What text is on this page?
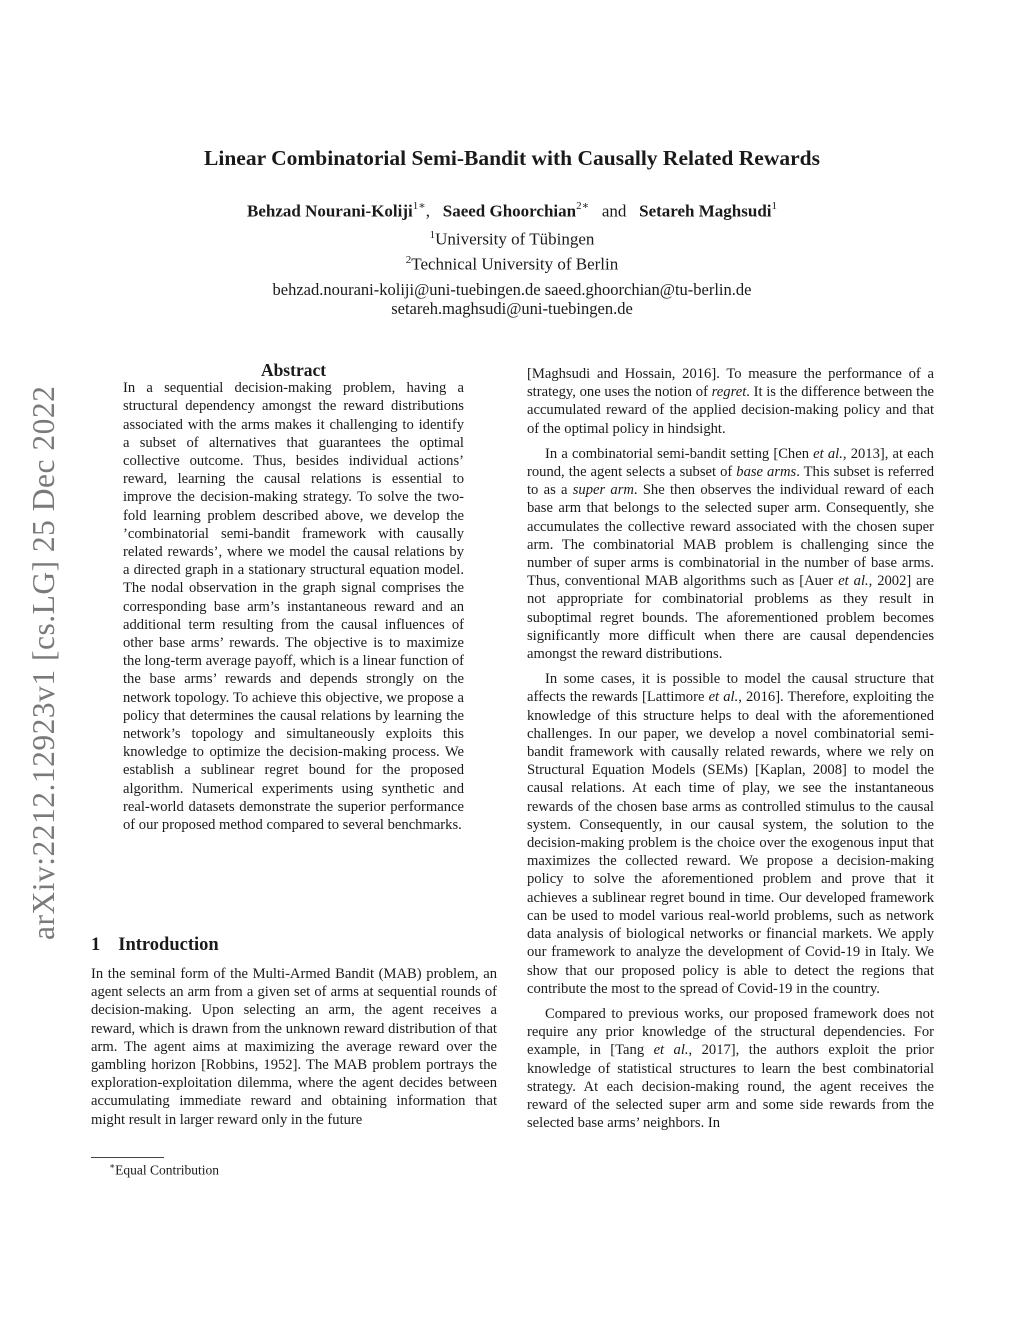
Linear Combinatorial Semi-Bandit with Causally Related Rewards
Behzad Nourani-Koliji$^{1∗}$, Saeed Ghoorchian$^{2∗}$ and Setareh Maghsudi$^1$
$^1$University of Tübingen
$^2$Technical University of Berlin
behzad.nourani-koliji@uni-tuebingen.de saeed.ghoorchian@tu-berlin.de
setareh.maghsudi@uni-tuebingen.de
arXiv:2212.12923v1 [cs.LG] 25 Dec 2022

Abstract

In a sequential decision-making problem, having a structural dependency amongst the reward distributions associated with the arms makes it challenging to identify a subset of alternatives that guarantees the optimal collective outcome. Thus, besides individual actions’ reward, learning the causal relations is essential to improve the decision-making strategy. To solve the two-fold learning problem described above, we develop the ’combinatorial semi-bandit framework with causally related rewards’, where we model the causal relations by a directed graph in a stationary structural equation model. The nodal observation in the graph signal comprises the corresponding base arm’s instantaneous reward and an additional term resulting from the causal influences of other base arms’ rewards. The objective is to maximize the long-term average payoff, which is a linear function of the base arms’ rewards and depends strongly on the network topology. To achieve this objective, we propose a policy that determines the causal relations by learning the network’s topology and simultaneously exploits this knowledge to optimize the decision-making process. We establish a sublinear regret bound for the proposed algorithm. Numerical experiments using synthetic and real-world datasets demonstrate the superior performance of our proposed method compared to several benchmarks.

1 Introduction

In the seminal form of the Multi-Armed Bandit (MAB) problem, an agent selects an arm from a given set of arms at sequential rounds of decision-making. Upon selecting an arm, the agent receives a reward, which is drawn from the unknown reward distribution of that arm. The agent aims at maximizing the average reward over the gambling horizon [Robbins, 1952]. The MAB problem portrays the exploration-exploitation dilemma, where the agent decides between accumulating immediate reward and obtaining information that might result in larger reward only in the future

∗Equal Contribution

[Maghsudi and Hossain, 2016]. To measure the performance of a strategy, one uses the notion of regret. It is the difference between the accumulated reward of the applied decision-making policy and that of the optimal policy in hindsight.

In a combinatorial semi-bandit setting [Chen et al., 2013], at each round, the agent selects a subset of base arms. This subset is referred to as a super arm. She then observes the individual reward of each base arm that belongs to the selected super arm. Consequently, she accumulates the collective reward associated with the chosen super arm. The combinatorial MAB problem is challenging since the number of super arms is combinatorial in the number of base arms. Thus, conventional MAB algorithms such as [Auer et al., 2002] are not appropriate for combinatorial problems as they result in suboptimal regret bounds. The aforementioned problem becomes significantly more difficult when there are causal dependencies amongst the reward distributions.

In some cases, it is possible to model the causal structure that affects the rewards [Lattimore et al., 2016]. Therefore, exploiting the knowledge of this structure helps to deal with the aforementioned challenges. In our paper, we develop a novel combinatorial semi-bandit framework with causally related rewards, where we rely on Structural Equation Models (SEMs) [Kaplan, 2008] to model the causal relations. At each time of play, we see the instantaneous rewards of the chosen base arms as controlled stimulus to the causal system. Consequently, in our causal system, the solution to the decision-making problem is the choice over the exogenous input that maximizes the collected reward. We propose a decision-making policy to solve the aforementioned problem and prove that it achieves a sublinear regret bound in time. Our developed framework can be used to model various real-world problems, such as network data analysis of biological networks or financial markets. We apply our framework to analyze the development of Covid-19 in Italy. We show that our proposed policy is able to detect the regions that contribute the most to the spread of Covid-19 in the country.

Compared to previous works, our proposed framework does not require any prior knowledge of the structural dependencies. For example, in [Tang et al., 2017], the authors exploit the prior knowledge of statistical structures to learn the best combinatorial strategy. At each decision-making round, the agent receives the reward of the selected super arm and some side rewards from the selected base arms’ neighbors. In
